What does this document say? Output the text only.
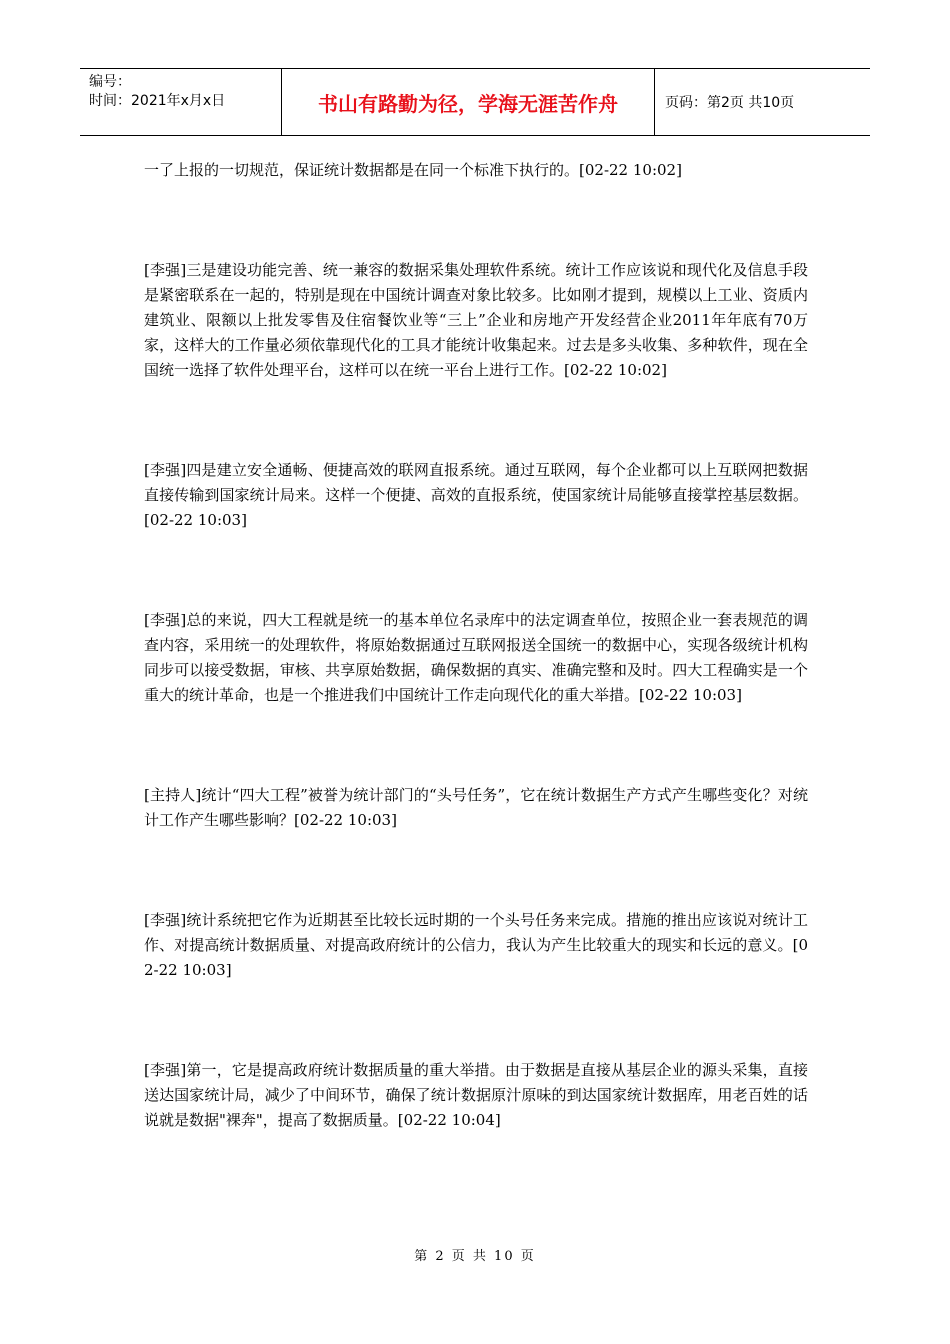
编号：
时间：2021年x月x日	书山有路勤为径，学海无涯苦作舟	页码：第2页 共10页

一了上报的一切规范，保证统计数据都是在同一个标准下执行的。[02-22 10:02]

[李强]三是建设功能完善、统一兼容的数据采集处理软件系统。统计工作应该说和现代化及信息手段是紧密联系在一起的，特别是现在中国统计调查对象比较多。比如刚才提到，规模以上工业、资质内建筑业、限额以上批发零售及住宿餐饮业等“三上”企业和房地产开发经营企业2011年年底有70万家，这样大的工作量必须依靠现代化的工具才能统计收集起来。过去是多头收集、多种软件，现在全国统一选择了软件处理平台，这样可以在统一平台上进行工作。[02-22 10:02]

[李强]四是建立安全通畅、便捷高效的联网直报系统。通过互联网，每个企业都可以上互联网把数据直接传输到国家统计局来。这样一个便捷、高效的直报系统，使国家统计局能够直接掌控基层数据。[02-22 10:03]

[李强]总的来说，四大工程就是统一的基本单位名录库中的法定调查单位，按照企业一套表规范的调查内容，采用统一的处理软件，将原始数据通过互联网报送全国统一的数据中心，实现各级统计机构同步可以接受数据，审核、共享原始数据，确保数据的真实、准确完整和及时。四大工程确实是一个重大的统计革命，也是一个推进我们中国统计工作走向现代化的重大举措。[02-22 10:03]

[主持人]统计“四大工程”被誉为统计部门的“头号任务”，它在统计数据生产方式产生哪些变化？对统计工作产生哪些影响？[02-22 10:03]

[李强]统计系统把它作为近期甚至比较长远时期的一个头号任务来完成。措施的推出应该说对统计工作、对提高统计数据质量、对提高政府统计的公信力，我认为产生比较重大的现实和长远的意义。[02-22 10:03]

[李强]第一，它是提高政府统计数据质量的重大举措。由于数据是直接从基层企业的源头采集，直接送达国家统计局，减少了中间环节，确保了统计数据原汁原味的到达国家统计数据库，用老百姓的话说就是数据"裸奔"，提高了数据质量。[02-22 10:04]

第 2 页 共 10 页
